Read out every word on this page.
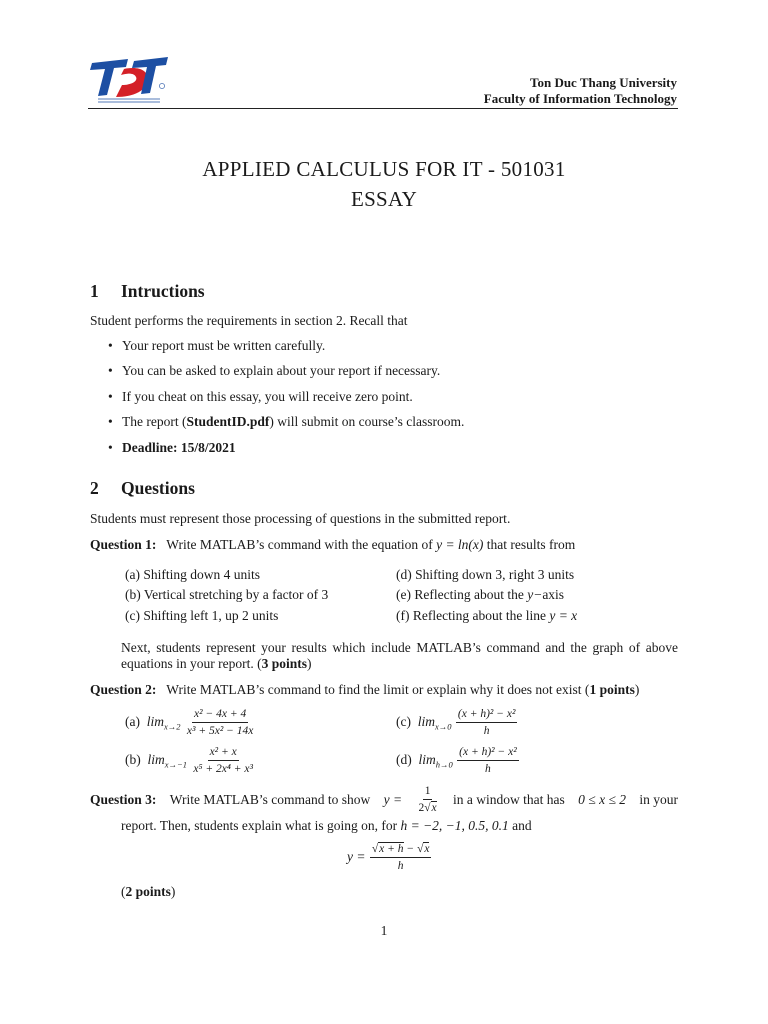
Ton Duc Thang University
Faculty of Information Technology
APPLIED CALCULUS FOR IT - 501031
ESSAY
1 Intructions
Student performs the requirements in section 2. Recall that
• Your report must be written carefully.
• You can be asked to explain about your report if necessary.
• If you cheat on this essay, you will receive zero point.
• The report (StudentID.pdf) will submit on course’s classroom.
• Deadline: 15/8/2021
2 Questions
Students must represent those processing of questions in the submitted report.
Question 1: Write MATLAB’s command with the equation of y = ln(x) that results from
(a) Shifting down 4 units
(b) Vertical stretching by a factor of 3
(c) Shifting left 1, up 2 units
(d) Shifting down 3, right 3 units
(e) Reflecting about the y−axis
(f) Reflecting about the line y = x
Next, students represent your results which include MATLAB’s command and the graph of above
equations in your report. (3 points)
Question 2: Write MATLAB’s command to find the limit or explain why it does not exist (1 points)
(a) $\lim_{x\to 2} \frac{\text{x² − 4x + 4}}{\text{x³ + 5x² − 14x}}$
(b) $\lim_{x\to-1} \frac{\text{x² + x}}{\text{x⁵ + 2x⁴ + x³}}$
(c) $\lim_{x\to 0} \frac{\text{(x + h)² − x²}}{h}$
(d) $\lim_{h\to 0} \frac{\text{(x + h)² − x²}}{h}$
Question 3: Write MATLAB’s command to show $y = \frac{1}{2√x}$ in a window that has 0 ≤ x ≤ 2 in your
report. Then, students explain what is going on, for h = −2, −1, 0.5, 0.1 and
$y = \frac{√x + h - √x}{h}$
(2 points)
1
